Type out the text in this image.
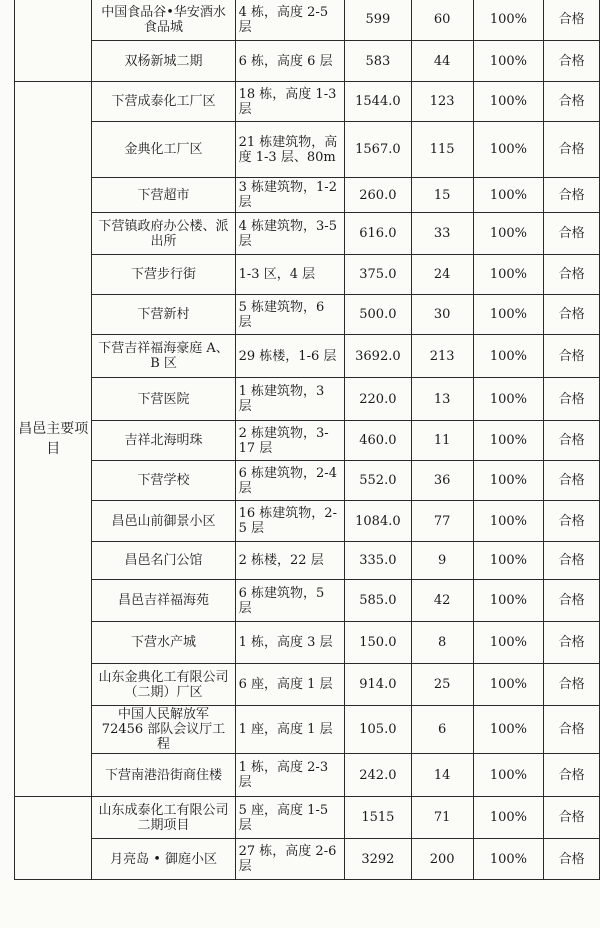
	中国食品谷•华安酒水食品城	4 栋，高度 2-5 层	599	60	100%	合格
	双杨新城二期	6 栋，高度 6 层	583	44	100%	合格
昌邑主要项目	下营成泰化工厂区	18 栋，高度 1-3 层	1544.0	123	100%	合格
	金典化工厂区	21 栋建筑物，高度 1-3 层、80m	1567.0	115	100%	合格
	下营超市	3 栋建筑物，1-2 层	260.0	15	100%	合格
	下营镇政府办公楼、派出所	4 栋建筑物，3-5 层	616.0	33	100%	合格
	下营步行街	1-3 区，4 层	375.0	24	100%	合格
	下营新村	5 栋建筑物，6 层	500.0	30	100%	合格
	下营吉祥福海豪庭 A、B 区	29 栋楼，1-6 层	3692.0	213	100%	合格
	下营医院	1 栋建筑物，3 层	220.0	13	100%	合格
	吉祥北海明珠	2 栋建筑物，3-17 层	460.0	11	100%	合格
	下营学校	6 栋建筑物，2-4 层	552.0	36	100%	合格
	昌邑山前御景小区	16 栋建筑物，2-5 层	1084.0	77	100%	合格
	昌邑名门公馆	2 栋楼，22 层	335.0	9	100%	合格
	昌邑吉祥福海苑	6 栋建筑物，5 层	585.0	42	100%	合格
	下营水产城	1 栋，高度 3 层	150.0	8	100%	合格
	山东金典化工有限公司（二期）厂区	6 座，高度 1 层	914.0	25	100%	合格
	中国人民解放军 72456 部队会议厅工程	1 座，高度 1 层	105.0	6	100%	合格
	下营南港沿街商住楼	1 栋，高度 2-3 层	242.0	14	100%	合格
	山东成泰化工有限公司二期项目	5 座，高度 1-5 层	1515	71	100%	合格
	月亮岛 • 御庭小区	27 栋，高度 2-6 层	3292	200	100%	合格
